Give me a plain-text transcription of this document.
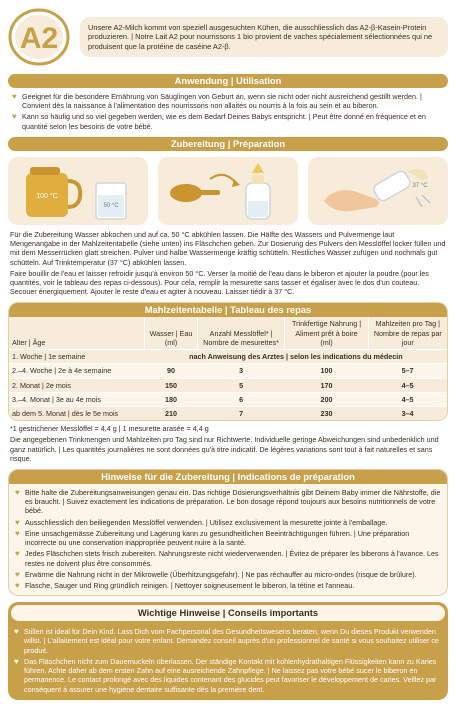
A2	Unsere A2-Milch kommt von speziell ausgesuchten Kühen, die ausschliesslich das A2-β-Kasein-Protein produzieren. | Notre Lait A2 pour nourrissons 1 bio provient de vaches spécialement sélectionnées qui ne produisent que la protéine de caséine A2-β.
Anwendung | Utilisation
♥ Geeignet für die besondere Ernährung von Säuglingen von Geburt an, wenn sie nicht oder nicht ausreichend gestillt werden. | Convient dès la naissance à l'alimentation des nourrissons non allaités ou nourris à la fois au sein et au biberon.
♥ Kann so häufig und so viel gegeben werden, wie es dem Bedarf Deines Babys entspricht. | Peut être donné en fréquence et en quantité selon les besoins de votre bébé.
Zubereitung | Préparation
100 °C
50 °C
37 °C

Für die Zubereitung Wasser abkochen und auf ca. 50 °C abkühlen lassen. Die Hälfte des Wassers und Pulvermenge laut Mengenangabe in der Mahlzeitentabelle (siehe unten) ins Fläschchen geben. Zur Dosierung des Pulvers den Messlöffel locker füllen und mit dem Messerrücken glatt streichen. Pulver und halbe Wassermenge kräftig schütteln. Restliches Wasser zufügen und nochmals gut schütteln. Auf Trinktemperatur (37 °C) abkühlen lassen.

Faire bouillir de l'eau et laisser refroidir jusqu'à environ 50 °C. Verser la moitié de l'eau dans le biberon et ajouter la poudre (pour les quantités, voir le tableau des repas ci-dessous). Pour cela, remplir la mesurette sans tasser et égaliser avec le dos d'un couteau. Secouer énergiquement. Ajouter le reste d'eau et agiter à nouveau. Laisser tiédir à 37 °C.

Mahlzeitentabelle | Tableau des repas
Alter | Âge	Wasser | Eau (ml)	Anzahl Messlöffel* | Nombre de mesurettes*	Trinkfertige Nahrung | Aliment prêt à boire (ml)	Mahlzeiten pro Tag | Nombre de repas par jour
1. Woche | 1e semaine	nach Anweisung des Arztes | selon les indications du médecin			
2.–4. Woche | 2e à 4e semaine	90	3	100	5–7
2. Monat | 2e mois	150	5	170	4–5
3.–4. Monat | 3e au 4e mois	180	6	200	4–5
ab dem 5. Monat | dès le 5e mois	210	7	230	3–4

*1 gestrichener Messlöffel = 4,4 g | 1 mesurette arasée = 4,4 g

Die angegebenen Trinkmengen und Mahlzeiten pro Tag sind nur Richtwerte. Individuelle geringe Abweichungen sind unbedenklich und ganz natürlich. | Les quantités journalières ne sont données qu'à titre indicatif. De légères variations sont tout à fait naturelles et sans risque.

Hinweise für die Zubereitung | Indications de préparation
♥ Bitte halte die Zubereitungsanweisungen genau ein. Das richtige Dosierungsverhältnis gibt Deinem Baby immer die Nährstoffe, die es braucht. | Suivez exactement les indications de préparation. Le bon dosage répond toujours aux besoins nutritionnels de votre bébé.
♥ Ausschliesslich den beiliegenden Messlöffel verwenden. | Utilisez exclusivement la mesurette jointe à l'emballage.
♥ Eine unsachgemässe Zubereitung und Lagerung kann zu gesundheitlichen Beeinträchtigungen führen. | Une préparation incorrecte ou une conservation inappropriée peuvent nuire à la santé.
♥ Jedes Fläschchen stets frisch zubereiten. Nahrungsreste nicht wiederverwenden. | Évitez de préparer les biberons à l'avance. Les restes ne doivent plus être consommés.
♥ Erwärme die Nahrung nicht in der Mikrowelle (Überhitzungsgefahr). | Ne pas réchauffer au micro-ondes (risque de brûlure).
♥ Flasche, Sauger und Ring gründlich reinigen. | Nettoyer soigneusement le biberon, la tétine et l'anneau.
Wichtige Hinweise | Conseils importants
♥ Stillen ist ideal für Dein Kind. Lass Dich vom Fachpersonal des Gesundheitswesens beraten, wenn Du dieses Produkt verwenden willst. | L'allaitement est idéal pour votre enfant. Demandez conseil auprès d'un professionnel de santé si vous souhaitez utiliser ce produit.
♥ Das Fläschchen nicht zum Dauernuckeln überlassen. Der ständige Kontakt mit kohlenhydrathaltigen Flüssigkeiten kann zu Karies führen. Achte daher ab dem ersten Zahn auf eine ausreichende Zahnpflege. | Ne laissez pas votre bébé sucer le biberon en permanence. Le contact prolongé avec des liquides contenant des glucides peut favoriser le développement de caries. Veillez par conséquent à assurer une hygiène dentaire suffisante dès la première dent.
